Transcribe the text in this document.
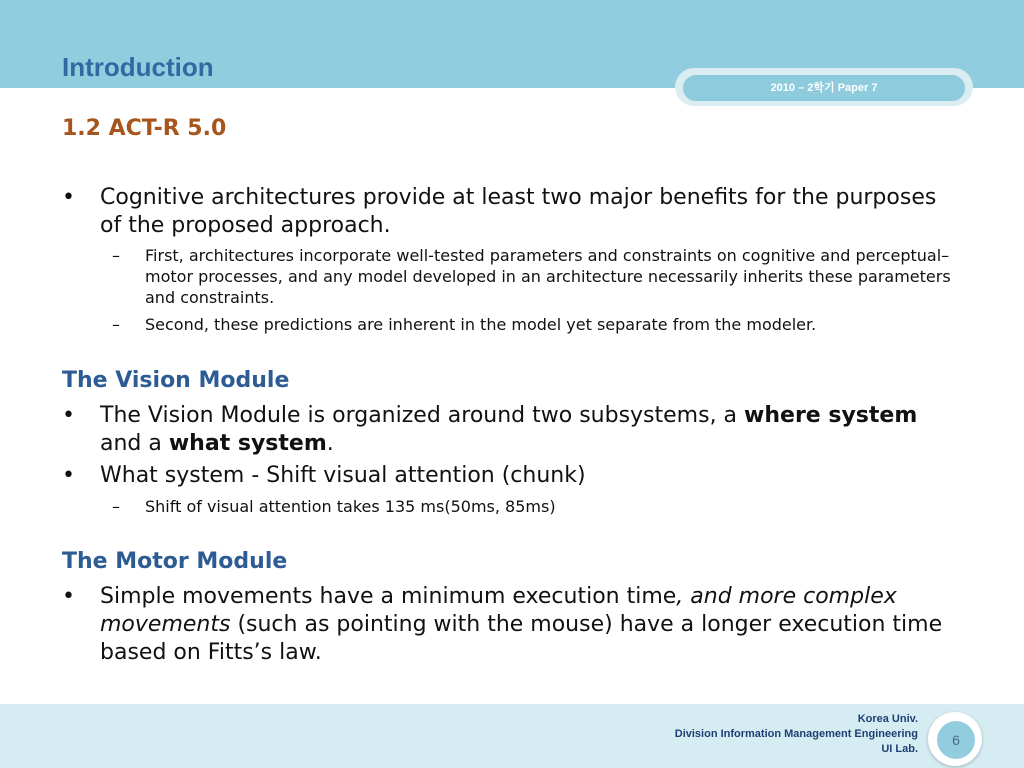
Introduction
2010 – 2학기 Paper 7
1.2 ACT-R 5.0
• Cognitive architectures provide at least two major benefits for the purposes of the proposed approach.
– First, architectures incorporate well-tested parameters and constraints on cognitive and perceptual–motor processes, and any model developed in an architecture necessarily inherits these parameters and constraints.
– Second, these predictions are inherent in the model yet separate from the modeler.
The Vision Module
• The Vision Module is organized around two subsystems, a where system and a what system.
• What system - Shift visual attention (chunk)
– Shift of visual attention takes 135 ms(50ms, 85ms)
The Motor Module
• Simple movements have a minimum execution time, and more complex movements (such as pointing with the mouse) have a longer execution time based on Fitts’s law.
Korea Univ.
Division Information Management Engineering
UI Lab.
6
